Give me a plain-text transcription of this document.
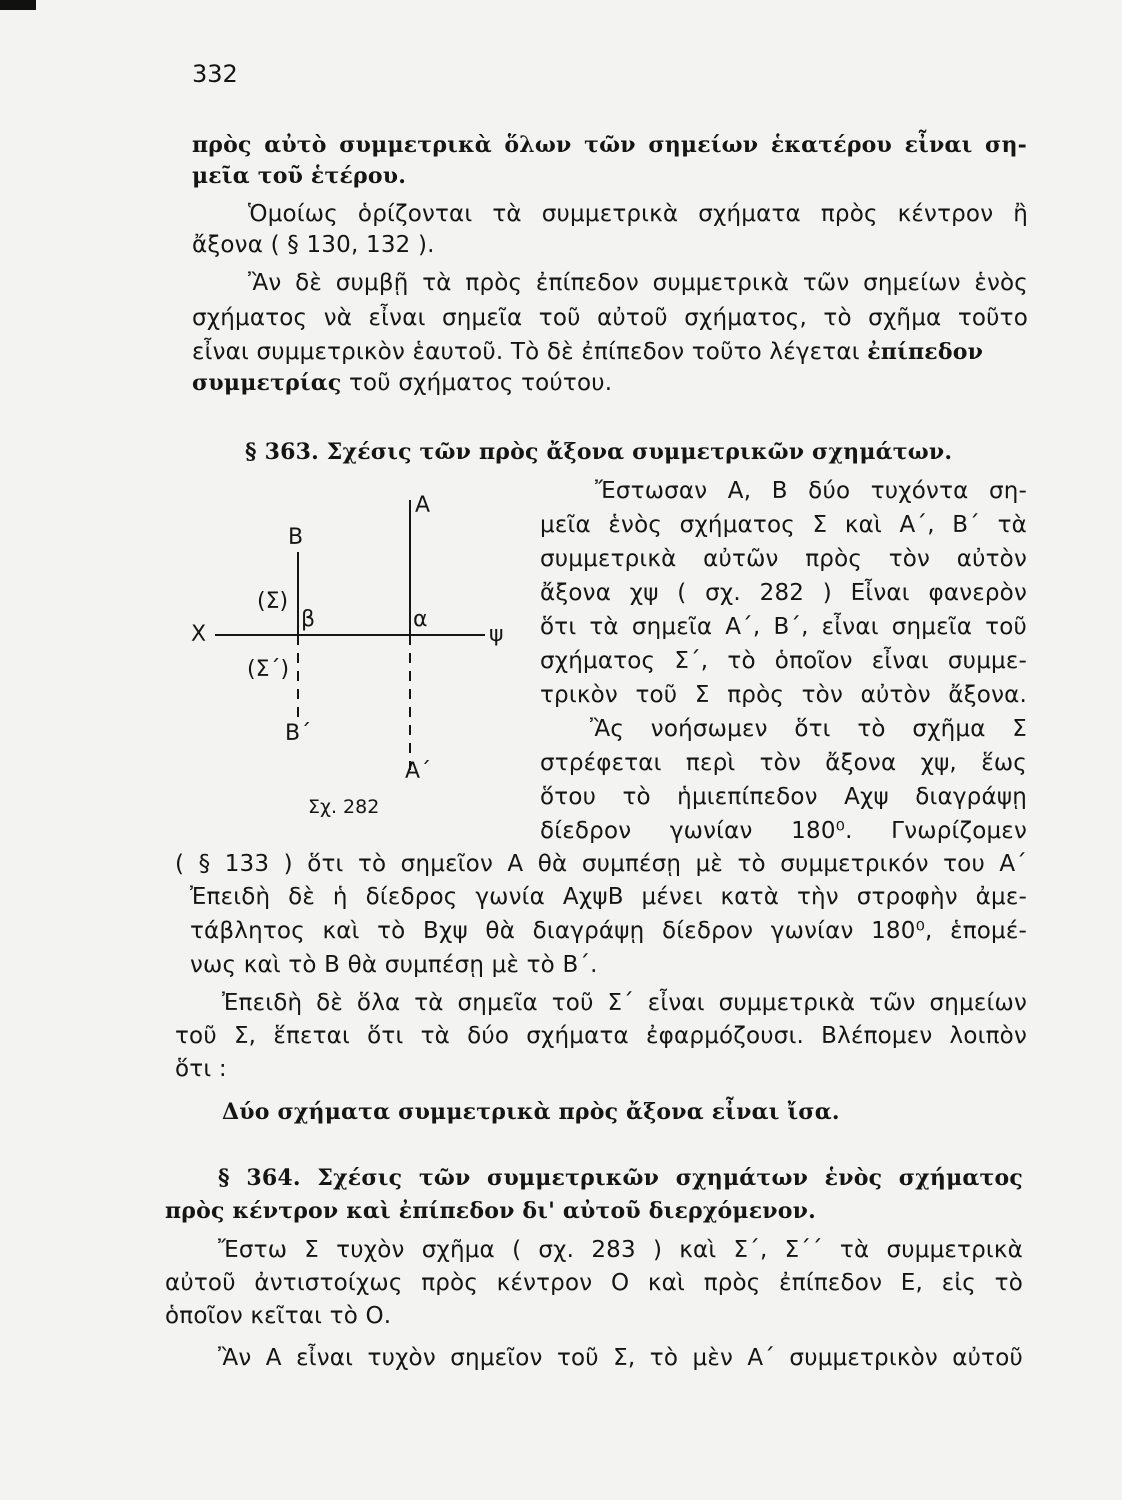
332
πρὸς αὐτὸ συμμετρικὰ ὅλων τῶν σημείων ἑκατέρου εἶναι ση-
μεῖα τοῦ ἑτέρου.
Ὁμοίως ὁρίζονται τὰ συμμετρικὰ σχήματα πρὸς κέντρον ἢ
ἄξονα ( § 130, 132 ).
Ἂν δὲ συμβῇ τὰ πρὸς ἐπίπεδον συμμετρικὰ τῶν σημείων ἑνὸς
σχήματος νὰ εἶναι σημεῖα τοῦ αὐτοῦ σχήματος, τὸ σχῆμα τοῦτο
εἶναι συμμετρικὸν ἑαυτοῦ. Τὸ δὲ ἐπίπεδον τοῦτο λέγεται ἐπίπεδον
συμμετρίας τοῦ σχήματος τούτου.
§ 363. Σχέσις τῶν πρὸς ἄξονα συμμετρικῶν σχημάτων.
Ἔστωσαν Α, Β δύο τυχόντα ση-
μεῖα ἑνὸς σχήματος Σ καὶ Α΄, Β΄ τὰ
συμμετρικὰ αὐτῶν πρὸς τὸν αὐτὸν
ἄξονα χψ ( σχ. 282 ) Εἶναι φανερὸν
ὅτι τὰ σημεῖα Α΄, Β΄, εἶναι σημεῖα τοῦ
σχήματος Σ΄, τὸ ὁποῖον εἶναι συμμε-
τρικὸν τοῦ Σ πρὸς τὸν αὐτὸν ἄξονα.
Ἂς νοήσωμεν ὅτι τὸ σχῆμα Σ
στρέφεται περὶ τὸν ἄξονα χψ, ἕως
ὅτου τὸ ἡμιεπίπεδον Αχψ διαγράψῃ
δίεδρον γωνίαν 180⁰. Γνωρίζομεν
Α
Β
(Σ)
β	α
Χ	ψ
(Σ΄)
Β΄
Α΄
Σχ. 282
( § 133 ) ὅτι τὸ σημεῖον Α θὰ συμπέσῃ μὲ τὸ συμμετρικόν του Α΄
Ἐπειδὴ δὲ ἡ δίεδρος γωνία ΑχψΒ μένει κατὰ τὴν στροφὴν ἀμε-
τάβλητος καὶ τὸ Βχψ θὰ διαγράψῃ δίεδρον γωνίαν 180⁰, ἑπομέ-
νως καὶ τὸ Β θὰ συμπέσῃ μὲ τὸ Β΄.
Ἐπειδὴ δὲ ὅλα τὰ σημεῖα τοῦ Σ΄ εἶναι συμμετρικὰ τῶν σημείων
τοῦ Σ, ἕπεται ὅτι τὰ δύο σχήματα ἐφαρμόζουσι. Βλέπομεν λοιπὸν
ὅτι :
Δύο σχήματα συμμετρικὰ πρὸς ἄξονα εἶναι ἴσα.
§ 364. Σχέσις τῶν συμμετρικῶν σχημάτων ἑνὸς σχήματος
πρὸς κέντρον καὶ ἐπίπεδον δι' αὐτοῦ διερχόμενον.
Ἔστω Σ τυχὸν σχῆμα ( σχ. 283 ) καὶ Σ΄, Σ΄΄ τὰ συμμετρικὰ
αὐτοῦ ἀντιστοίχως πρὸς κέντρον Ο καὶ πρὸς ἐπίπεδον Ε, εἰς τὸ
ὁποῖον κεῖται τὸ Ο.
Ἂν Α εἶναι τυχὸν σημεῖον τοῦ Σ, τὸ μὲν Α΄ συμμετρικὸν αὐτοῦ
